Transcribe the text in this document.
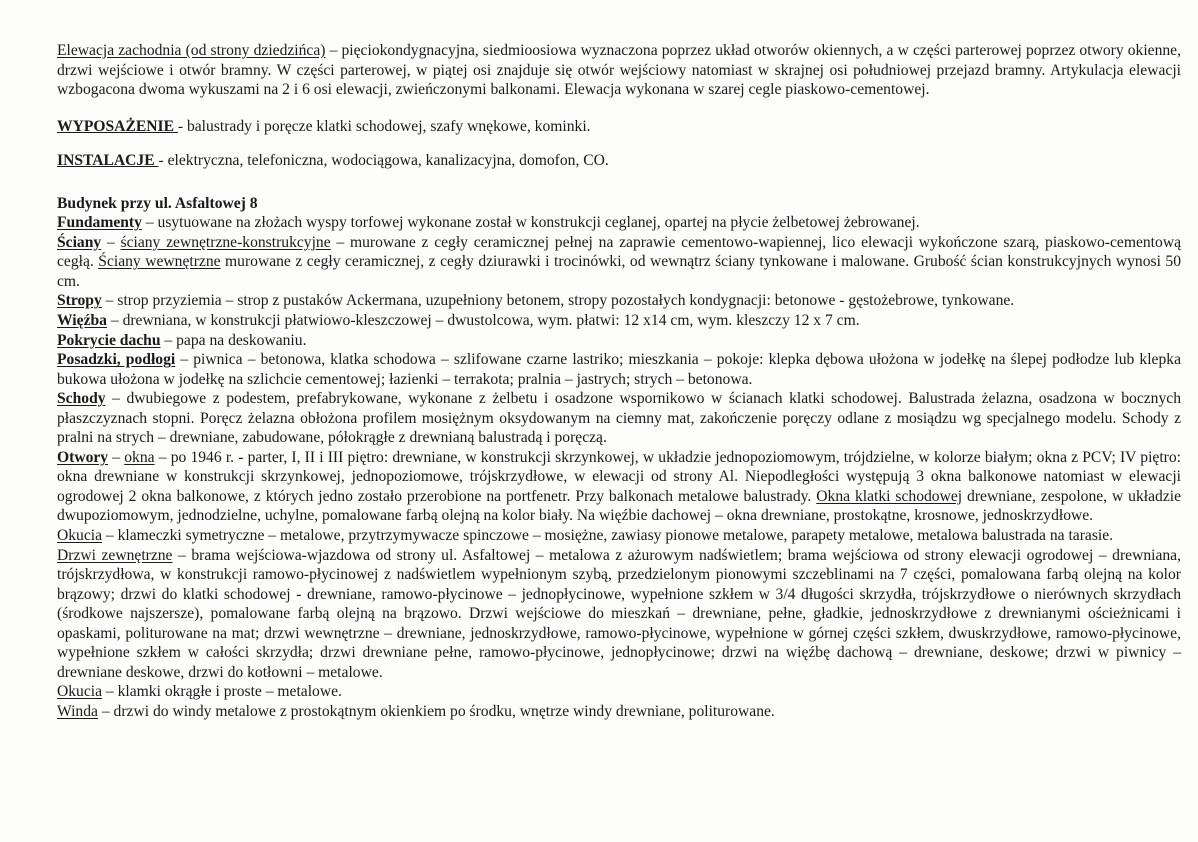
Elewacja zachodnia (od strony dziedzińca) – pięciokondygnacyjna, siedmioosiowa wyznaczona poprzez układ otworów okiennych, a w części parterowej poprzez otwory okienne, drzwi wejściowe i otwór bramny. W części parterowej, w piątej osi znajduje się otwór wejściowy natomiast w skrajnej osi południowej przejazd bramny. Artykulacja elewacji wzbogacona dwoma wykuszami na 2 i 6 osi elewacji, zwieńczonymi balkonami. Elewacja wykonana w szarej cegle piaskowo-cementowej.

WYPOSAŻENIE - balustrady i poręcze klatki schodowej, szafy wnękowe, kominki.

INSTALACJE - elektryczna, telefoniczna, wodociągowa, kanalizacyjna, domofon, CO.

Budynek przy ul. Asfaltowej 8

Fundamenty – usytuowane na złożach wyspy torfowej wykonane został w konstrukcji ceglanej, opartej na płycie żelbetowej żebrowanej.

Ściany – ściany zewnętrzne-konstrukcyjne – murowane z cegły ceramicznej pełnej na zaprawie cementowo-wapiennej, lico elewacji wykończone szarą, piaskowo-cementową cegłą. Ściany wewnętrzne murowane z cegły ceramicznej, z cegły dziurawki i trocinówki, od wewnątrz ściany tynkowane i malowane. Grubość ścian konstrukcyjnych wynosi 50 cm.

Stropy – strop przyziemia – strop z pustaków Ackermana, uzupełniony betonem, stropy pozostałych kondygnacji: betonowe - gęstożebrowe, tynkowane.

Więźba – drewniana, w konstrukcji płatwiowo-kleszczowej – dwustolcowa, wym. płatwi: 12 x14 cm, wym. kleszczy 12 x 7 cm.

Pokrycie dachu – papa na deskowaniu.

Posadzki, podłogi – piwnica – betonowa, klatka schodowa – szlifowane czarne lastriko; mieszkania – pokoje: klepka dębowa ułożona w jodełkę na ślepej podłodze lub klepka bukowa ułożona w jodełkę na szlichcie cementowej; łazienki – terrakota; pralnia – jastrych; strych – betonowa.

Schody – dwubiegowe z podestem, prefabrykowane, wykonane z żelbetu i osadzone wspornikowo w ścianach klatki schodowej. Balustrada żelazna, osadzona w bocznych płaszczyznach stopni. Poręcz żelazna obłożona profilem mosiężnym oksydowanym na ciemny mat, zakończenie poręczy odlane z mosiądzu wg specjalnego modelu. Schody z pralni na strych – drewniane, zabudowane, półokrągłe z drewnianą balustradą i poręczą.

Otwory – okna – po 1946 r. - parter, I, II i III piętro: drewniane, w konstrukcji skrzynkowej, w układzie jednopoziomowym, trójdzielne, w kolorze białym; okna z PCV; IV piętro: okna drewniane w konstrukcji skrzynkowej, jednopoziomowe, trójskrzydłowe, w elewacji od strony Al. Niepodległości występują 3 okna balkonowe natomiast w elewacji ogrodowej 2 okna balkonowe, z których jedno zostało przerobione na portfenetr. Przy balkonach metalowe balustrady. Okna klatki schodowej drewniane, zespolone, w układzie dwupoziomowym, jednodzielne, uchylne, pomalowane farbą olejną na kolor biały. Na więźbie dachowej – okna drewniane, prostokątne, krosnowe, jednoskrzydłowe.

Okucia – klameczki symetryczne – metalowe, przytrzymywacze spinczowe – mosiężne, zawiasy pionowe metalowe, parapety metalowe, metalowa balustrada na tarasie.

Drzwi zewnętrzne – brama wejściowa-wjazdowa od strony ul. Asfaltowej – metalowa z ażurowym nadświetlem; brama wejściowa od strony elewacji ogrodowej – drewniana, trójskrzydłowa, w konstrukcji ramowo-płycinowej z nadświetlem wypełnionym szybą, przedzielonym pionowymi szczeblinami na 7 części, pomalowana farbą olejną na kolor brązowy; drzwi do klatki schodowej - drewniane, ramowo-płycinowe – jednopłycinowe, wypełnione szkłem w 3/4 długości skrzydła, trójskrzydłowe o nierównych skrzydłach (środkowe najszersze), pomalowane farbą olejną na brązowo. Drzwi wejściowe do mieszkań – drewniane, pełne, gładkie, jednoskrzydłowe z drewnianymi ościeżnicami i opaskami, politurowane na mat; drzwi wewnętrzne – drewniane, jednoskrzydłowe, ramowo-płycinowe, wypełnione w górnej części szkłem, dwuskrzydłowe, ramowo-płycinowe, wypełnione szkłem w całości skrzydła; drzwi drewniane pełne, ramowo-płycinowe, jednopłycinowe; drzwi na więźbę dachową – drewniane, deskowe; drzwi w piwnicy – drewniane deskowe, drzwi do kotłowni – metalowe.

Okucia – klamki okrągłe i proste – metalowe.

Winda – drzwi do windy metalowe z prostokątnym okienkiem po środku, wnętrze windy drewniane, politurowane.
